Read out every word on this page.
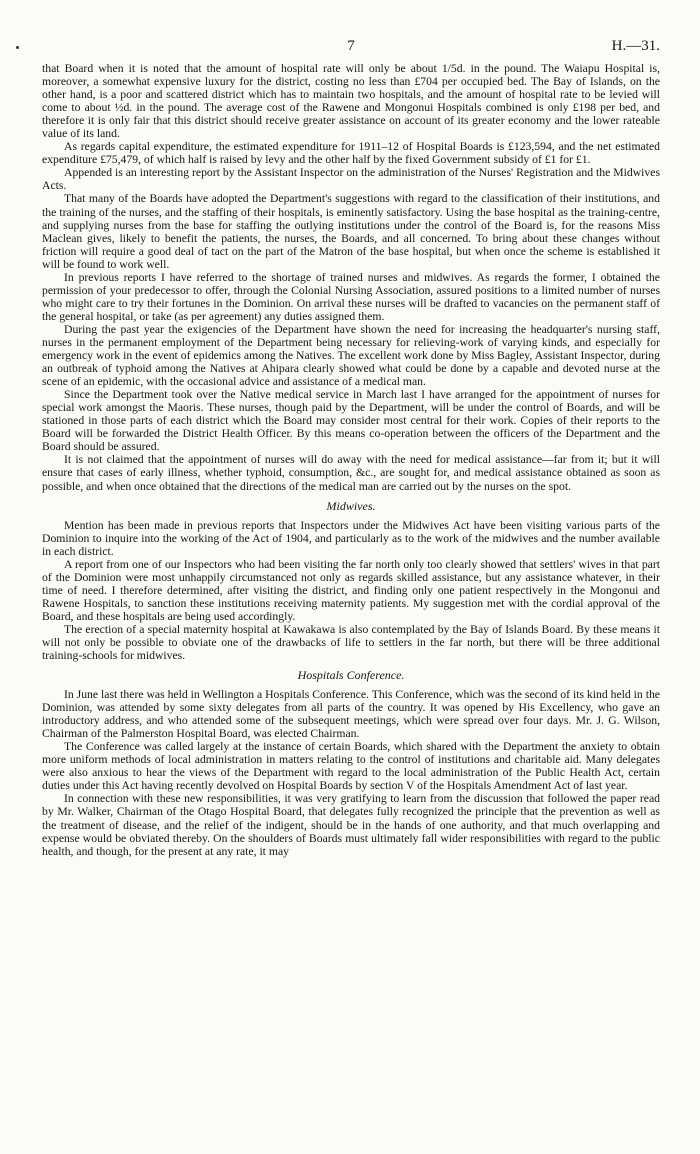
7	H.—31.

that Board when it is noted that the amount of hospital rate will only be about 1/5d. in the pound. The Waiapu Hospital is, moreover, a somewhat expensive luxury for the district, costing no less than £704 per occupied bed. The Bay of Islands, on the other hand, is a poor and scattered district which has to maintain two hospitals, and the amount of hospital rate to be levied will come to about ½d. in the pound. The average cost of the Rawene and Mongonui Hospitals combined is only £198 per bed, and therefore it is only fair that this district should receive greater assistance on account of its greater economy and the lower rateable value of its land.

As regards capital expenditure, the estimated expenditure for 1911–12 of Hospital Boards is £123,594, and the net estimated expenditure £75,479, of which half is raised by levy and the other half by the fixed Government subsidy of £1 for £1.

Appended is an interesting report by the Assistant Inspector on the administration of the Nurses' Registration and the Midwives Acts.

That many of the Boards have adopted the Department's suggestions with regard to the classification of their institutions, and the training of the nurses, and the staffing of their hospitals, is eminently satisfactory. Using the base hospital as the training-centre, and supplying nurses from the base for staffing the outlying institutions under the control of the Board is, for the reasons Miss Maclean gives, likely to benefit the patients, the nurses, the Boards, and all concerned. To bring about these changes without friction will require a good deal of tact on the part of the Matron of the base hospital, but when once the scheme is established it will be found to work well.

In previous reports I have referred to the shortage of trained nurses and midwives. As regards the former, I obtained the permission of your predecessor to offer, through the Colonial Nursing Association, assured positions to a limited number of nurses who might care to try their fortunes in the Dominion. On arrival these nurses will be drafted to vacancies on the permanent staff of the general hospital, or take (as per agreement) any duties assigned them.

During the past year the exigencies of the Department have shown the need for increasing the headquarter's nursing staff, nurses in the permanent employment of the Department being necessary for relieving-work of varying kinds, and especially for emergency work in the event of epidemics among the Natives. The excellent work done by Miss Bagley, Assistant Inspector, during an outbreak of typhoid among the Natives at Ahipara clearly showed what could be done by a capable and devoted nurse at the scene of an epidemic, with the occasional advice and assistance of a medical man.

Since the Department took over the Native medical service in March last I have arranged for the appointment of nurses for special work amongst the Maoris. These nurses, though paid by the Department, will be under the control of Boards, and will be stationed in those parts of each district which the Board may consider most central for their work. Copies of their reports to the Board will be forwarded the District Health Officer. By this means co-operation between the officers of the Department and the Board should be assured.

It is not claimed that the appointment of nurses will do away with the need for medical assistance—far from it; but it will ensure that cases of early illness, whether typhoid, consumption, &c., are sought for, and medical assistance obtained as soon as possible, and when once obtained that the directions of the medical man are carried out by the nurses on the spot.

Midwives.

Mention has been made in previous reports that Inspectors under the Midwives Act have been visiting various parts of the Dominion to inquire into the working of the Act of 1904, and particularly as to the work of the midwives and the number available in each district.

A report from one of our Inspectors who had been visiting the far north only too clearly showed that settlers' wives in that part of the Dominion were most unhappily circumstanced not only as regards skilled assistance, but any assistance whatever, in their time of need. I therefore determined, after visiting the district, and finding only one patient respectively in the Mongonui and Rawene Hospitals, to sanction these institutions receiving maternity patients. My suggestion met with the cordial approval of the Board, and these hospitals are being used accordingly.

The erection of a special maternity hospital at Kawakawa is also contemplated by the Bay of Islands Board. By these means it will not only be possible to obviate one of the drawbacks of life to settlers in the far north, but there will be three additional training-schools for midwives.

Hospitals Conference.

In June last there was held in Wellington a Hospitals Conference. This Conference, which was the second of its kind held in the Dominion, was attended by some sixty delegates from all parts of the country. It was opened by His Excellency, who gave an introductory address, and who attended some of the subsequent meetings, which were spread over four days. Mr. J. G. Wilson, Chairman of the Palmerston Hospital Board, was elected Chairman.

The Conference was called largely at the instance of certain Boards, which shared with the Department the anxiety to obtain more uniform methods of local administration in matters relating to the control of institutions and charitable aid. Many delegates were also anxious to hear the views of the Department with regard to the local administration of the Public Health Act, certain duties under this Act having recently devolved on Hospital Boards by section V of the Hospitals Amendment Act of last year.

In connection with these new responsibilities, it was very gratifying to learn from the discussion that followed the paper read by Mr. Walker, Chairman of the Otago Hospital Board, that delegates fully recognized the principle that the prevention as well as the treatment of disease, and the relief of the indigent, should be in the hands of one authority, and that much overlapping and expense would be obviated thereby. On the shoulders of Boards must ultimately fall wider responsibilities with regard to the public health, and though, for the present at any rate, it may
